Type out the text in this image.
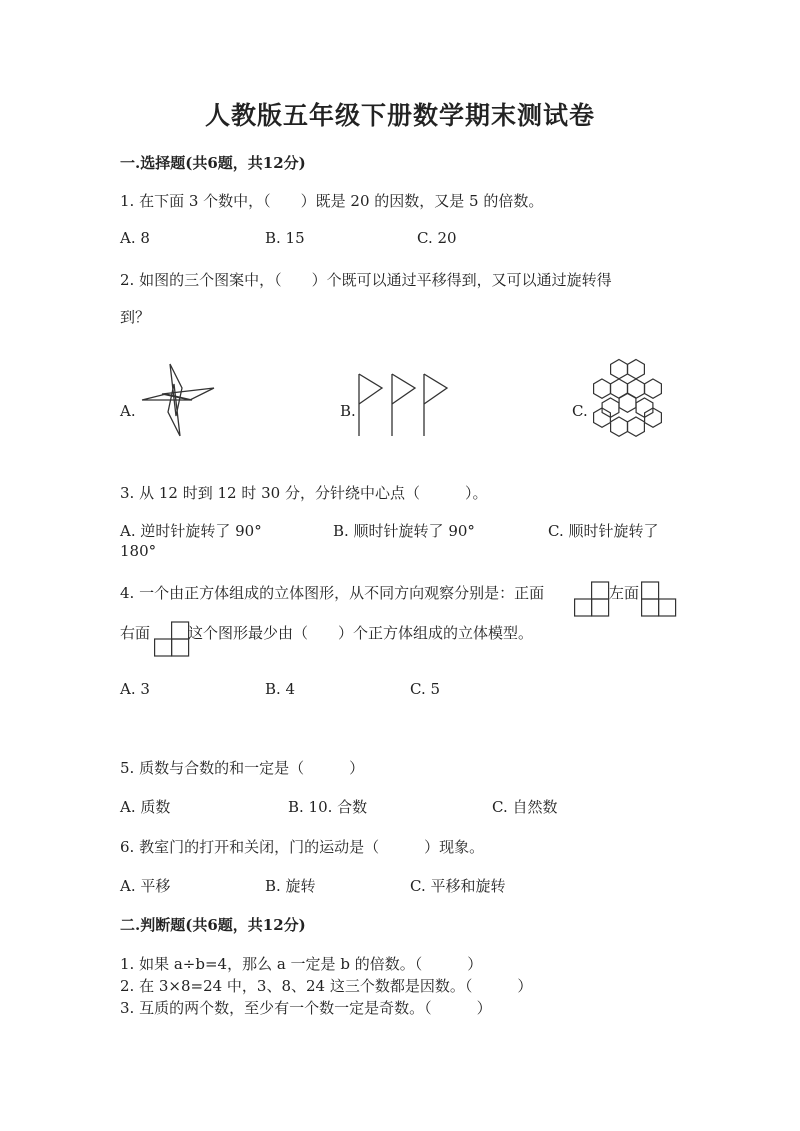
人教版五年级下册数学期末测试卷
一.选择题(共6题，共12分)
1. 在下面 3 个数中，（　　）既是 20 的因数，又是 5 的倍数。
A. 8	B. 15	C. 20
2. 如图的三个图案中，（　　）个既可以通过平移得到，又可以通过旋转得
到？
A.	B.	C.
3. 从 12 时到 12 时 30 分，分针绕中心点（　　　）。
A. 逆时针旋转了 90°	B. 顺时针旋转了 90°	C. 顺时针旋转了
180°
4. 一个由正方体组成的立体图形，从不同方向观察分别是：正面	左面
右面	这个图形最少由（　　）个正方体组成的立体模型。
A. 3	B. 4	C. 5
5. 质数与合数的和一定是（　　　）
A. 质数	B. 10. 合数	C. 自然数
6. 教室门的打开和关闭，门的运动是（　　　）现象。
A. 平移	B. 旋转	C. 平移和旋转
二.判断题(共6题，共12分)
1. 如果 a÷b=4，那么 a 一定是 b 的倍数。（　　　）
2. 在 3×8=24 中，3、8、24 这三个数都是因数。（　　　）
3. 互质的两个数，至少有一个数一定是奇数。（　　　）
